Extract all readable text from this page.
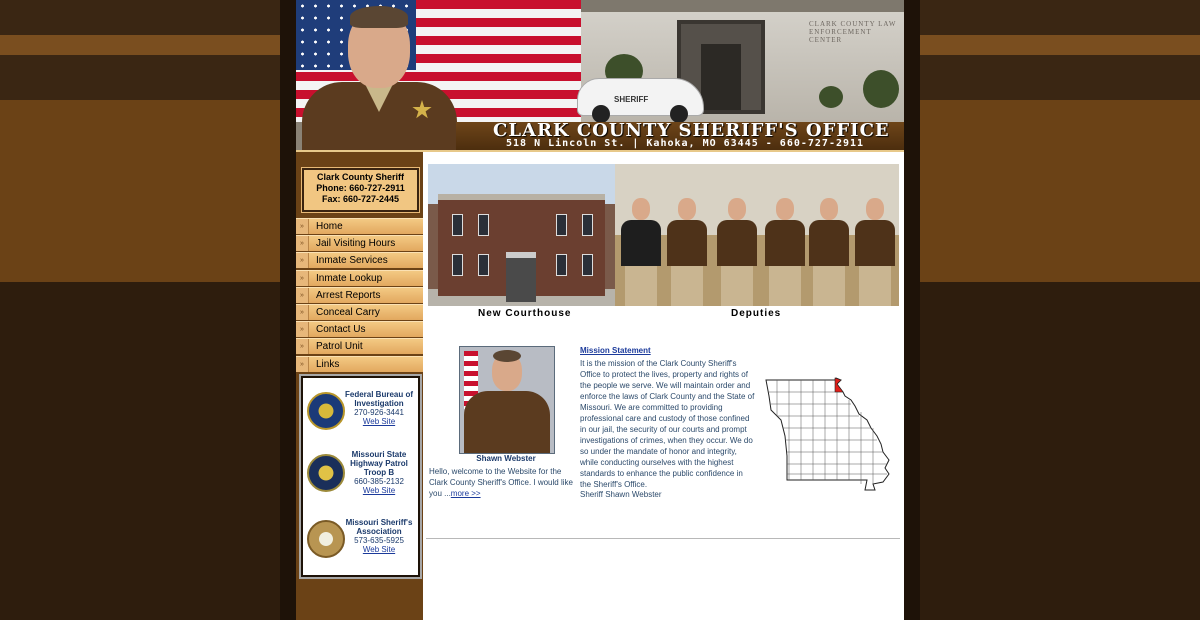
CLARK COUNTY LAW ENFORCEMENT CENTER
SHERIFF
CLARK COUNTY SHERIFF'S OFFICE
518 N Lincoln St. | Kahoka, MO 63445 - 660-727-2911
Clark County Sheriff
Phone: 660-727-2911
Fax: 660-727-2445
»	Home
»	Jail Visiting Hours
»	Inmate Services
»	Inmate Lookup
»	Arrest Reports
»	Conceal Carry
»	Contact Us
»	Patrol Unit
»	Links
Federal Bureau of Investigation
270-926-3441
Web Site
Missouri State Highway Patrol Troop B
660-385-2132
Web Site
Missouri Sheriff's Association
573-635-5925
Web Site
New Courthouse	Deputies
Shawn Webster
Hello, welcome to the Website for the Clark County Sheriff's Office. I would like you ...more >>
Mission Statement
It is the mission of the Clark County Sheriff's Office to protect the lives, property and rights of the people we serve. We will maintain order and enforce the laws of Clark County and the State of Missouri. We are committed to providing professional care and custody of those confined in our jail, the security of our courts and prompt investigations of crimes, when they occur. We do so under the mandate of honor and integrity, while conducting ourselves with the highest standards to enhance the public confidence in the Sheriff's Office.
Sheriff Shawn Webster
